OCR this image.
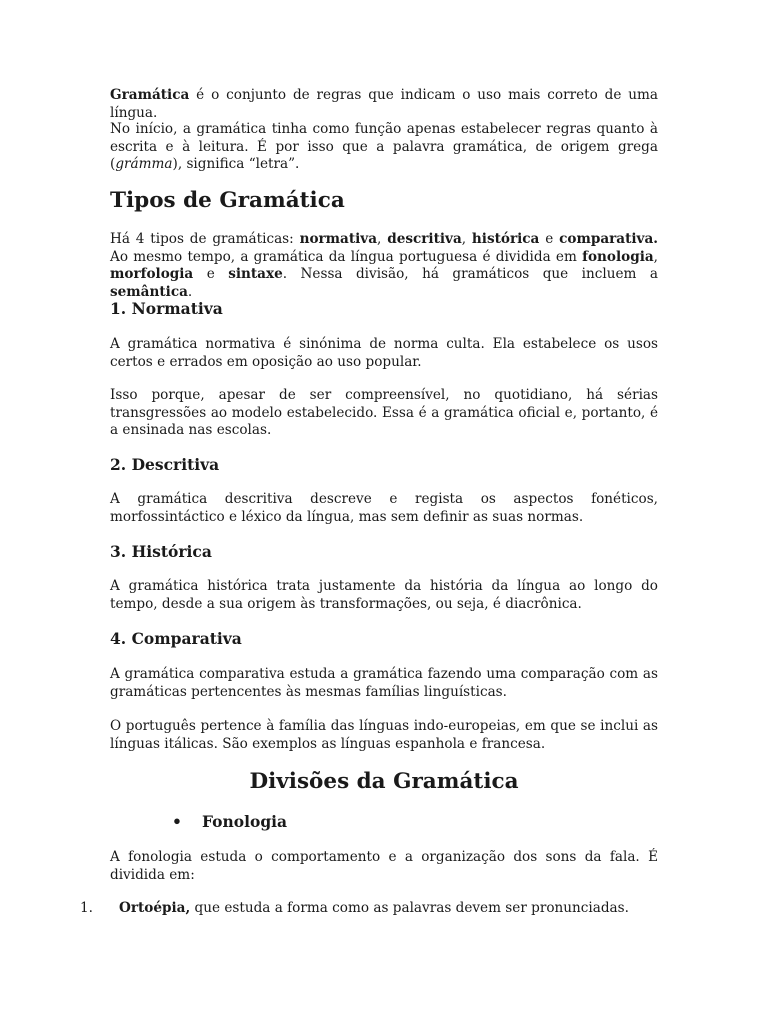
Gramática é o conjunto de regras que indicam o uso mais correto de uma língua.

No início, a gramática tinha como função apenas estabelecer regras quanto à escrita e à leitura. É por isso que a palavra gramática, de origem grega (grámma), significa “letra”.

Tipos de Gramática

Há 4 tipos de gramáticas: normativa, descritiva, histórica e comparativa. Ao mesmo tempo, a gramática da língua portuguesa é dividida em fonologia, morfologia e sintaxe. Nessa divisão, há gramáticos que incluem a semântica.

1. Normativa

A gramática normativa é sinónima de norma culta. Ela estabelece os usos certos e errados em oposição ao uso popular.

Isso porque, apesar de ser compreensível, no quotidiano, há sérias transgressões ao modelo estabelecido. Essa é a gramática oficial e, portanto, é a ensinada nas escolas.

2. Descritiva

A gramática descritiva descreve e regista os aspectos fonéticos, morfossintáctico e léxico da língua, mas sem definir as suas normas.

3. Histórica

A gramática histórica trata justamente da história da língua ao longo do tempo, desde a sua origem às transformações, ou seja, é diacrônica.

4. Comparativa

A gramática comparativa estuda a gramática fazendo uma comparação com as gramáticas pertencentes às mesmas famílias linguísticas.

O português pertence à família das línguas indo-europeias, em que se inclui as línguas itálicas. São exemplos as línguas espanhola e francesa.

Divisões da Gramática

• Fonologia

A fonologia estuda o comportamento e a organização dos sons da fala. É dividida em:

1. Ortoépia, que estuda a forma como as palavras devem ser pronunciadas.
